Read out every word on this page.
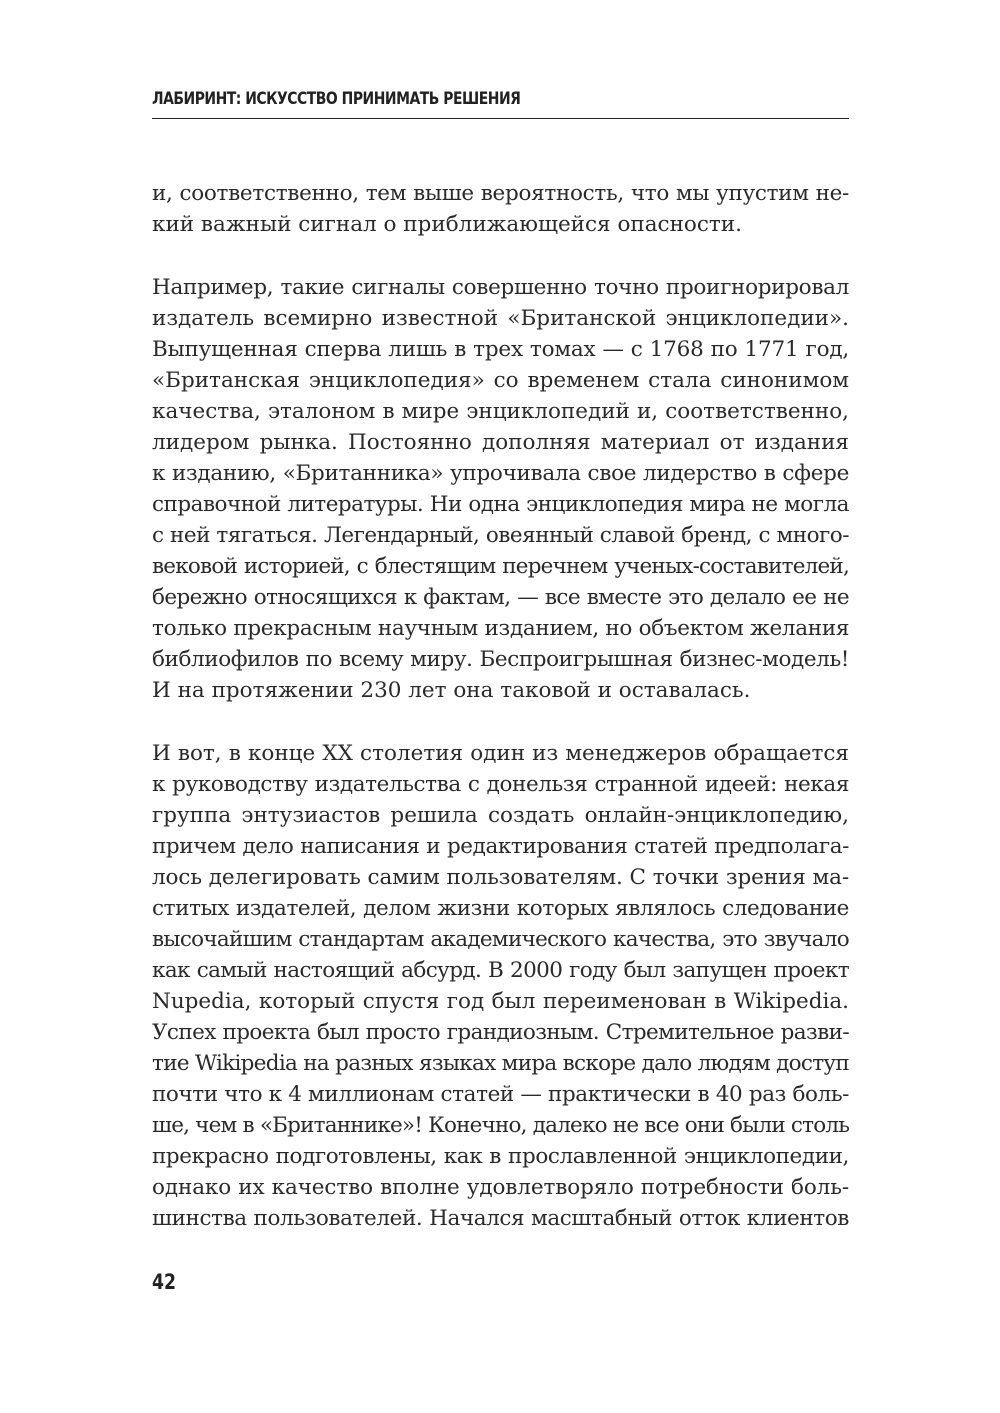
ЛАБИРИНТ: ИСКУССТВО ПРИНИМАТЬ РЕШЕНИЯ
и, соответственно, тем выше вероятность, что мы упустим не-
кий важный сигнал о приближающейся опасности.
Например, такие сигналы совершенно точно проигнорировал
издатель всемирно известной «Британской энциклопедии».
Выпущенная сперва лишь в трех томах — с 1768 по 1771 год,
«Британская энциклопедия» со временем стала синонимом
качества, эталоном в мире энциклопедий и, соответственно,
лидером рынка. Постоянно дополняя материал от издания
к изданию, «Британника» упрочивала свое лидерство в сфере
справочной литературы. Ни одна энциклопедия мира не могла
с ней тягаться. Легендарный, овеянный славой бренд, с много-
вековой историей, с блестящим перечнем ученых-составителей,
бережно относящихся к фактам, — все вместе это делало ее не
только прекрасным научным изданием, но объектом желания
библиофилов по всему миру. Беспроигрышная бизнес-модель!
И на протяжении 230 лет она таковой и оставалась.
И вот, в конце XX столетия один из менеджеров обращается
к руководству издательства с донельзя странной идеей: некая
группа энтузиастов решила создать онлайн-энциклопедию,
причем дело написания и редактирования статей предполага-
лось делегировать самим пользователям. С точки зрения ма-
ститых издателей, делом жизни которых являлось следование
высочайшим стандартам академического качества, это звучало
как самый настоящий абсурд. В 2000 году был запущен проект
Nupedia, который спустя год был переименован в Wikipedia.
Успех проекта был просто грандиозным. Стремительное разви-
тие Wikipedia на разных языках мира вскоре дало людям доступ
почти что к 4 миллионам статей — практически в 40 раз боль-
ше, чем в «Британнике»! Конечно, далеко не все они были столь
прекрасно подготовлены, как в прославленной энциклопедии,
однако их качество вполне удовлетворяло потребности боль-
шинства пользователей. Начался масштабный отток клиентов
42
